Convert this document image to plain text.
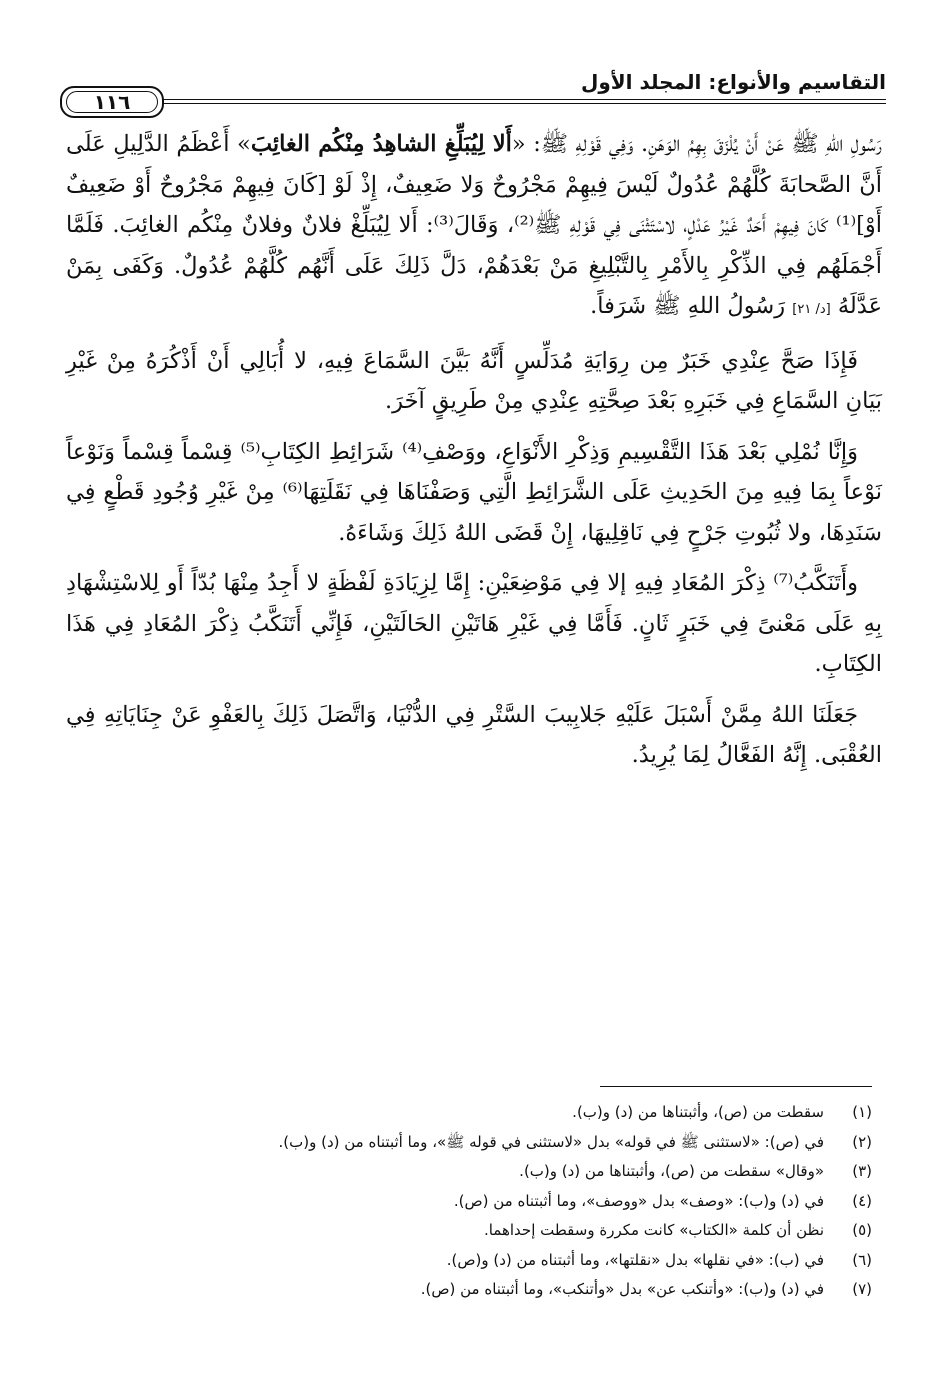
التقاسيم والأنواع: المجلد الأول
١١٦

رَسُولِ اللهِ ﷺ عَنْ أَنْ يُلْزَقَ بِهِمُ الوَهَنِ. وَفِي قَوْلِهِ ﷺ: «أَلا لِيُبَلِّغِ الشاهِدُ مِنْكُم الغائِبَ» أَعْظَمُ الدَّلِيلِ عَلَى أَنَّ الصَّحابَةَ كُلَّهُمْ عُدُولٌ لَيْسَ فِيهِمْ مَجْرُوحٌ وَلا ضَعِيفٌ، إِذْ لَوْ [كَانَ فِيهِمْ مَجْرُوحٌ أَوْ ضَعِيفٌ أَوْ]⁽¹⁾ كَانَ فِيهِمْ أَحَدٌ غَيْرُ عَدْلٍ، لاسْتَثْنَى فِي قَوْلِهِ ﷺ⁽²⁾، وَقَالَ⁽³⁾: أَلا لِيُبَلِّغْ فلانٌ وفلانٌ مِنْكُم الغائِبَ. فَلَمَّا أَجْمَلَهُم فِي الذِّكْرِ بِالأَمْرِ بِالتَّبْلِيغِ مَنْ بَعْدَهُمْ، دَلَّ ذَلِكَ عَلَى أَنَّهُم كُلَّهُمْ عُدُولٌ. وَكَفَى بِمَنْ عَدَّلَهُ [د/ ٢١] رَسُولُ اللهِ ﷺ شَرَفاً.

فَإِذَا صَحَّ عِنْدِي خَبَرٌ مِن رِوَايَةِ مُدَلِّسٍ أَنَّهُ بَيَّنَ السَّمَاعَ فِيهِ، لا أُبَالِي أَنْ أَذْكُرَهُ مِنْ غَيْرِ بَيَانِ السَّمَاعِ فِي خَبَرِهِ بَعْدَ صِحَّتِهِ عِنْدِي مِنْ طَرِيقٍ آخَرَ.

وَإِنَّا نُمْلِي بَعْدَ هَذَا التَّقْسِيمِ وَذِكْرِ الأَنْوَاعِ، ووَصْفِ⁽⁴⁾ شَرَائِطِ الكِتَابِ⁽⁵⁾ قِسْماً قِسْماً وَنَوْعاً نَوْعاً بِمَا فِيهِ مِنَ الحَدِيثِ عَلَى الشَّرَائِطِ الَّتِي وَصَفْنَاهَا فِي نَقَلَتِهَا⁽⁶⁾ مِنْ غَيْرِ وُجُودِ قَطْعٍ فِي سَنَدِهَا، ولا ثُبُوتِ جَرْحٍ فِي نَاقِلِيهَا، إِنْ قَضَى اللهُ ذَلِكَ وَشَاءَهُ.

وأَتَنَكَّبُ⁽⁷⁾ ذِكْرَ المُعَادِ فِيهِ إلا فِي مَوْضِعَيْنِ: إِمَّا لِزِيَادَةِ لَفْظَةٍ لا أَجِدُ مِنْهَا بُدّاً أَو لِلاسْتِشْهَادِ بِهِ عَلَى مَعْنىً فِي خَبَرٍ ثَانٍ. فَأَمَّا فِي غَيْرِ هَاتَيْنِ الحَالَتَيْنِ، فَإِنِّي أَتَنَكَّبُ ذِكْرَ المُعَادِ فِي هَذَا الكِتَابِ.

جَعَلَنَا اللهُ مِمَّنْ أَسْبَلَ عَلَيْهِ جَلابِيبَ السَّتْرِ فِي الدُّنْيَا، وَاتَّصَلَ ذَلِكَ بِالعَفْوِ عَنْ جِنَايَاتِهِ فِي العُقْبَى. إِنَّهُ الفَعَّالُ لِمَا يُرِيدُ.

(١)
سقطت من (ص)، وأثبتناها من (د) و(ب).
(٢)
في (ص): «لاستثنى ﷺ في قوله» بدل «لاستثنى في قوله ﷺ»، وما أثبتناه من (د) و(ب).
(٣)
«وقال» سقطت من (ص)، وأثبتناها من (د) و(ب).
(٤)
في (د) و(ب): «وصف» بدل «ووصف»، وما أثبتناه من (ص).
(٥)
نظن أن كلمة «الكتاب» كانت مكررة وسقطت إحداهما.
(٦)
في (ب): «في نقلها» بدل «نقلتها»، وما أثبتناه من (د) و(ص).
(٧)
في (د) و(ب): «وأتنكب عن» بدل «وأتنكب»، وما أثبتناه من (ص).
